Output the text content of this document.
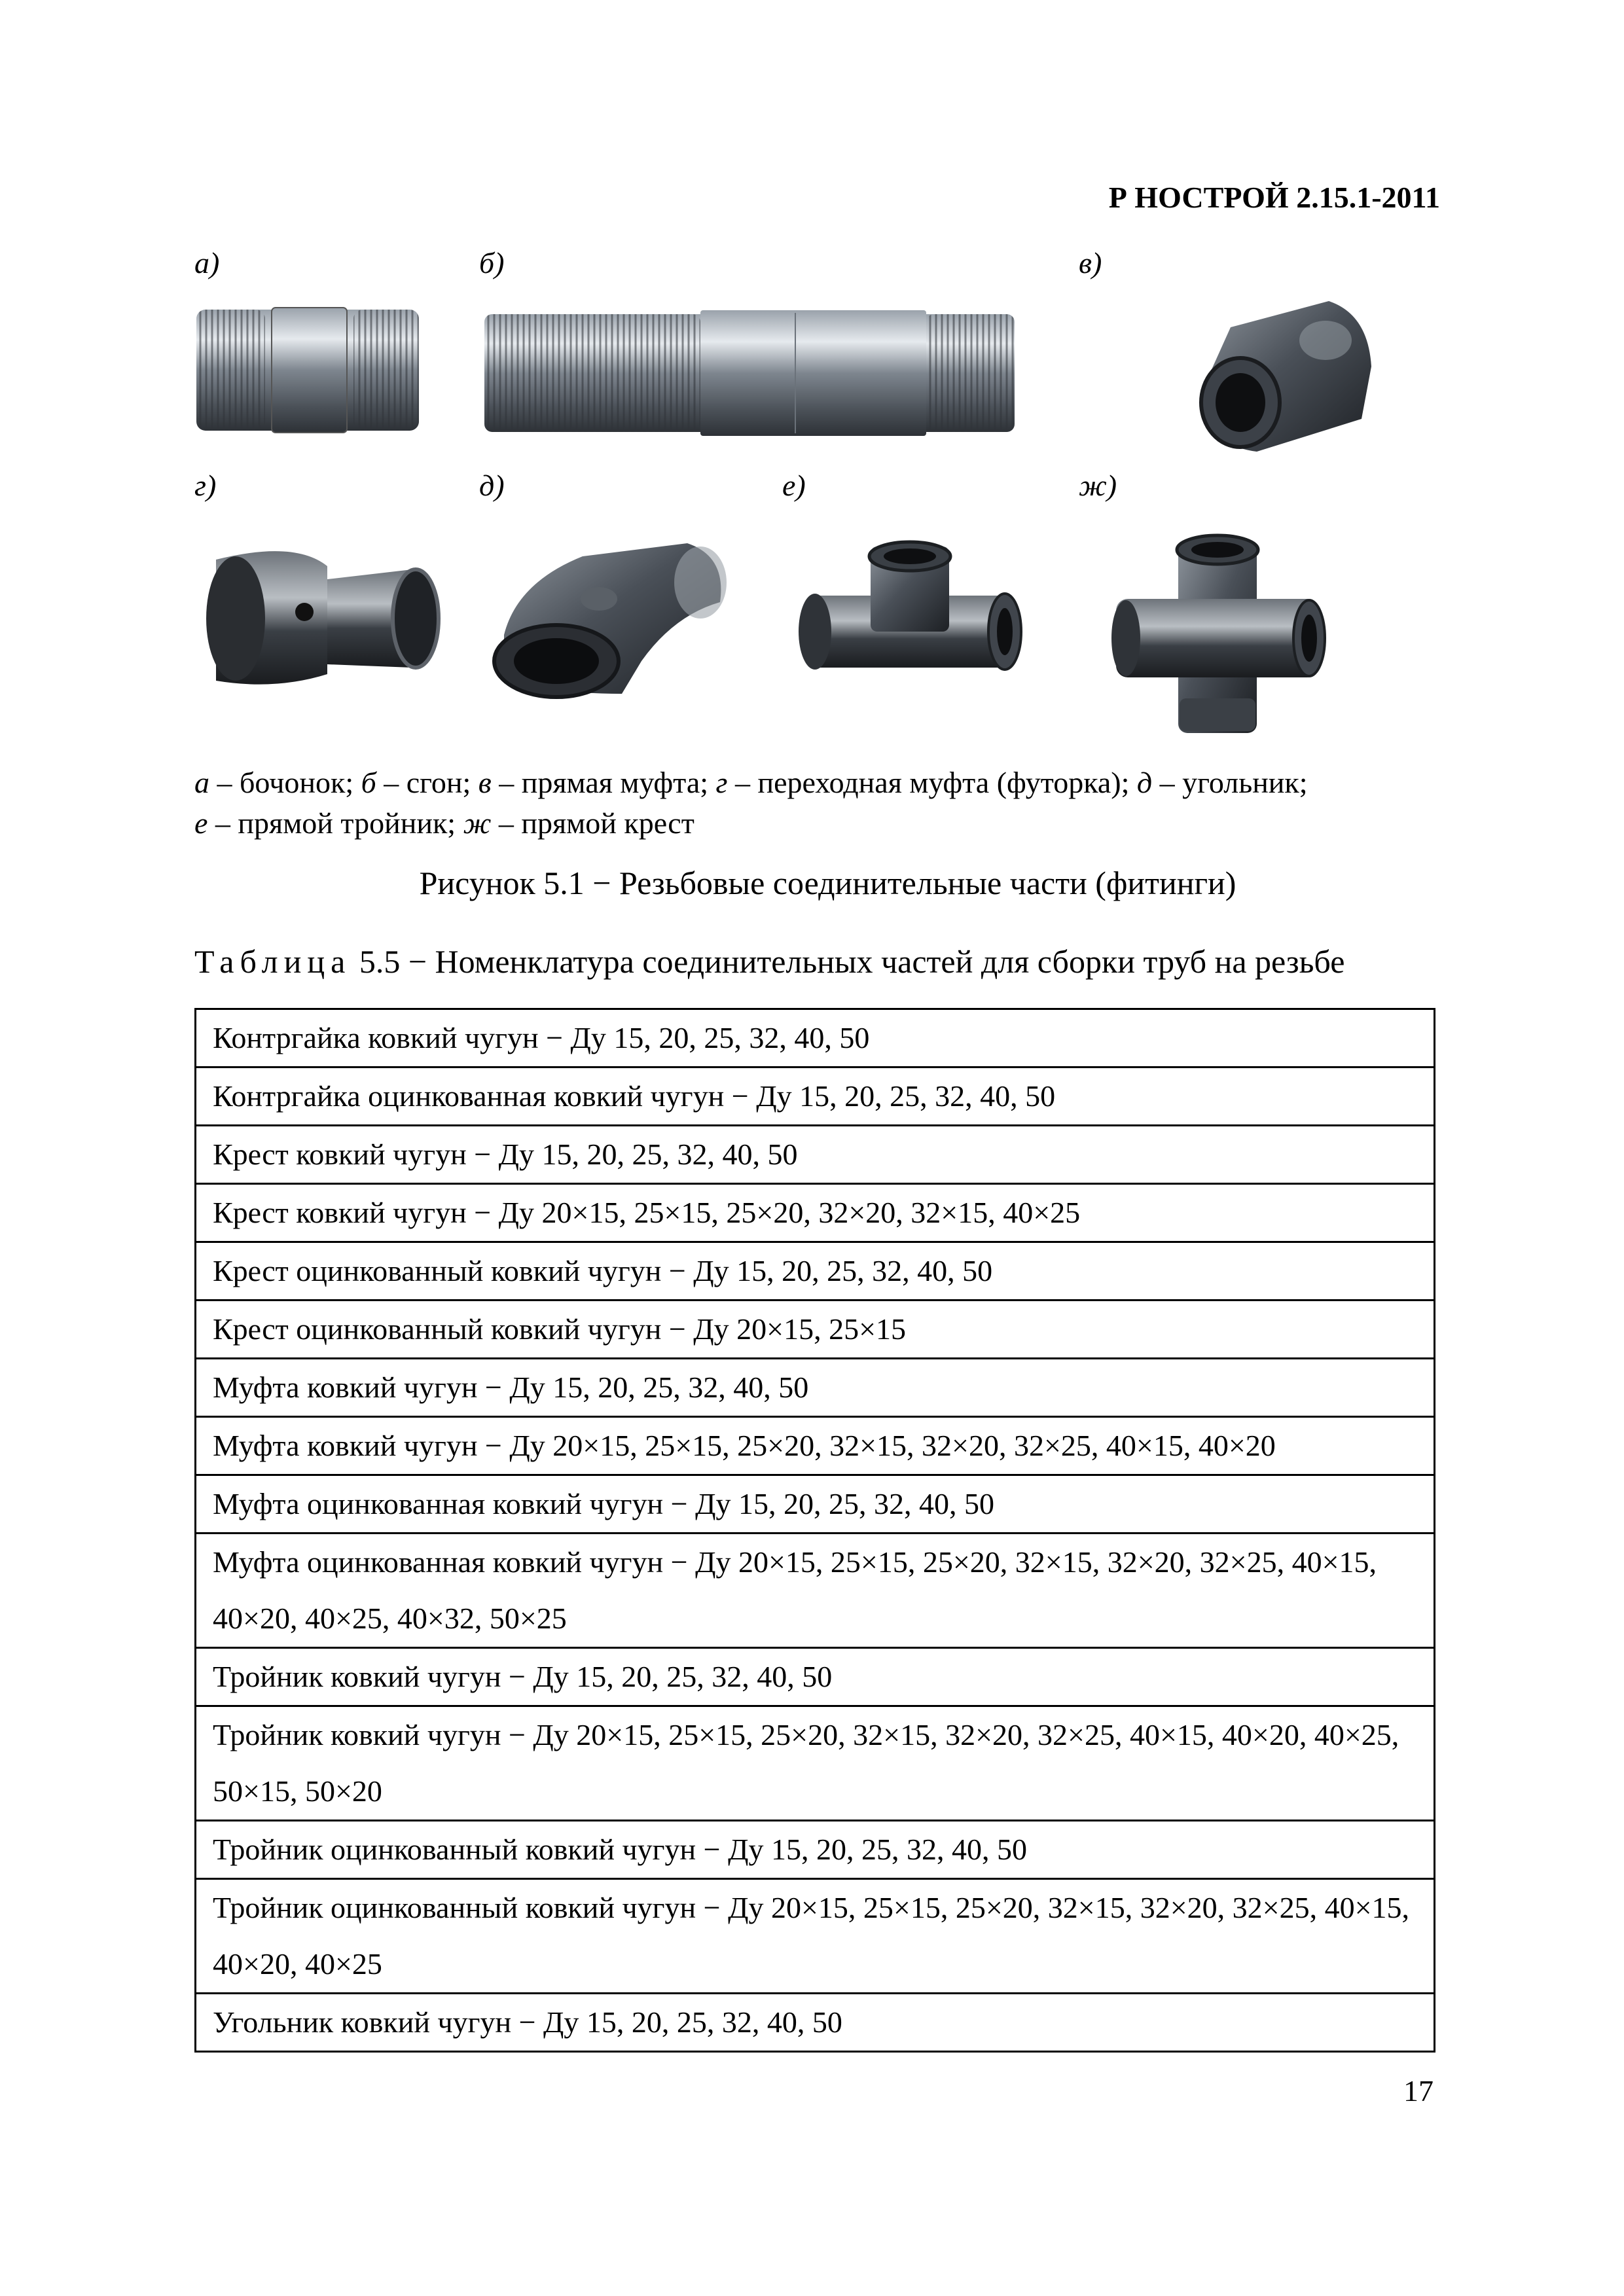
Р НОСТРОЙ 2.15.1-2011
а)	б)	в)
г)	д)	е)	ж)
а – бочонок; б – сгон; в – прямая муфта; г – переходная муфта (футорка); д – угольник;
е – прямой тройник; ж – прямой крест
Рисунок 5.1 − Резьбовые соединительные части (фитинги)
Таблица 5.5 − Номенклатура соединительных частей для сборки труб на резьбе
Контргайка ковкий чугун − Ду 15, 20, 25, 32, 40, 50
Контргайка оцинкованная ковкий чугун − Ду 15, 20, 25, 32, 40, 50
Крест ковкий чугун − Ду 15, 20, 25, 32, 40, 50
Крест ковкий чугун − Ду 20×15, 25×15, 25×20, 32×20, 32×15, 40×25
Крест оцинкованный ковкий чугун − Ду 15, 20, 25, 32, 40, 50
Крест оцинкованный ковкий чугун − Ду 20×15, 25×15
Муфта ковкий чугун − Ду 15, 20, 25, 32, 40, 50
Муфта ковкий чугун − Ду 20×15, 25×15, 25×20, 32×15, 32×20, 32×25, 40×15, 40×20
Муфта оцинкованная ковкий чугун − Ду 15, 20, 25, 32, 40, 50
Муфта оцинкованная ковкий чугун − Ду 20×15, 25×15, 25×20, 32×15, 32×20, 32×25, 40×15, 40×20, 40×25, 40×32, 50×25
Тройник ковкий чугун − Ду 15, 20, 25, 32, 40, 50
Тройник ковкий чугун − Ду 20×15, 25×15, 25×20, 32×15, 32×20, 32×25, 40×15, 40×20, 40×25, 50×15, 50×20
Тройник оцинкованный ковкий чугун − Ду 15, 20, 25, 32, 40, 50
Тройник оцинкованный ковкий чугун − Ду 20×15, 25×15, 25×20, 32×15, 32×20, 32×25, 40×15, 40×20, 40×25
Угольник ковкий чугун − Ду 15, 20, 25, 32, 40, 50
17
